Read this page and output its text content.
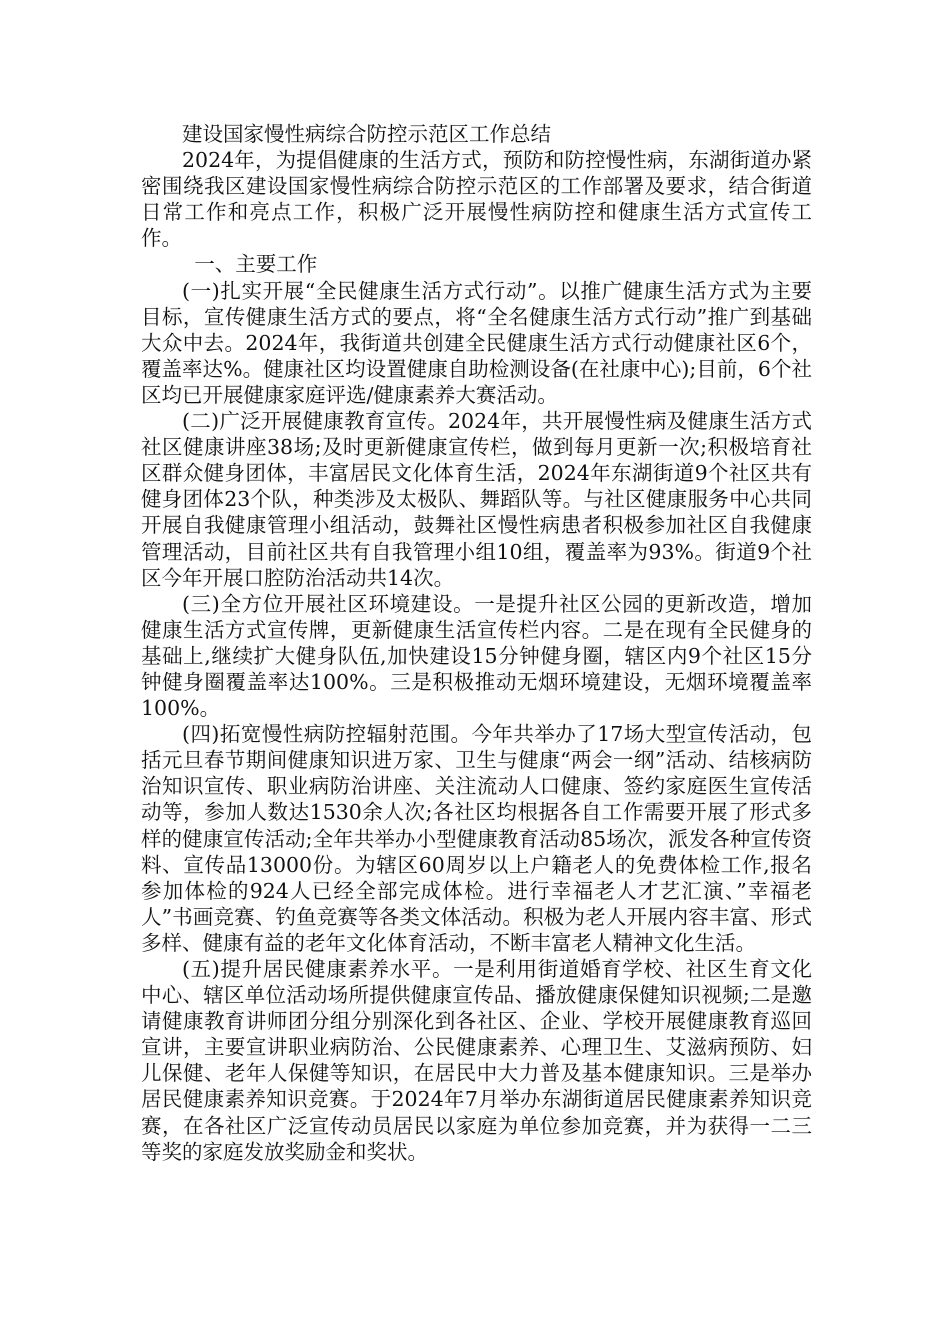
建设国家慢性病综合防控示范区工作总结

2024年，为提倡健康的生活方式，预防和防控慢性病，东湖街道办紧密围绕我区建设国家慢性病综合防控示范区的工作部署及要求，结合街道日常工作和亮点工作，积极广泛开展慢性病防控和健康生活方式宣传工作。

一、主要工作

(一)扎实开展“全民健康生活方式行动”。以推广健康生活方式为主要目标，宣传健康生活方式的要点，将“全名健康生活方式行动”推广到基础大众中去。2024年，我街道共创建全民健康生活方式行动健康社区6个，覆盖率达%。健康社区均设置健康自助检测设备(在社康中心);目前，6个社区均已开展健康家庭评选/健康素养大赛活动。

(二)广泛开展健康教育宣传。2024年，共开展慢性病及健康生活方式社区健康讲座38场;及时更新健康宣传栏，做到每月更新一次;积极培育社区群众健身团体，丰富居民文化体育生活，2024年东湖街道9个社区共有健身团体23个队，种类涉及太极队、舞蹈队等。与社区健康服务中心共同开展自我健康管理小组活动，鼓舞社区慢性病患者积极参加社区自我健康管理活动，目前社区共有自我管理小组10组，覆盖率为93%。街道9个社区今年开展口腔防治活动共14次。

(三)全方位开展社区环境建设。一是提升社区公园的更新改造，增加健康生活方式宣传牌，更新健康生活宣传栏内容。二是在现有全民健身的基础上,继续扩大健身队伍,加快建设15分钟健身圈，辖区内9个社区15分钟健身圈覆盖率达100%。三是积极推动无烟环境建设，无烟环境覆盖率100%。

(四)拓宽慢性病防控辐射范围。今年共举办了17场大型宣传活动，包括元旦春节期间健康知识进万家、卫生与健康“两会一纲”活动、结核病防治知识宣传、职业病防治讲座、关注流动人口健康、签约家庭医生宣传活动等，参加人数达1530余人次;各社区均根据各自工作需要开展了形式多样的健康宣传活动;全年共举办小型健康教育活动85场次，派发各种宣传资料、宣传品13000份。为辖区60周岁以上户籍老人的免费体检工作,报名参加体检的924人已经全部完成体检。进行幸福老人才艺汇演、”幸福老人”书画竞赛、钓鱼竞赛等各类文体活动。积极为老人开展内容丰富、形式多样、健康有益的老年文化体育活动，不断丰富老人精神文化生活。

(五)提升居民健康素养水平。一是利用街道婚育学校、社区生育文化中心、辖区单位活动场所提供健康宣传品、播放健康保健知识视频;二是邀请健康教育讲师团分组分别深化到各社区、企业、学校开展健康教育巡回宣讲，主要宣讲职业病防治、公民健康素养、心理卫生、艾滋病预防、妇儿保健、老年人保健等知识，在居民中大力普及基本健康知识。三是举办居民健康素养知识竞赛。于2024年7月举办东湖街道居民健康素养知识竞赛，在各社区广泛宣传动员居民以家庭为单位参加竞赛，并为获得一二三等奖的家庭发放奖励金和奖状。
